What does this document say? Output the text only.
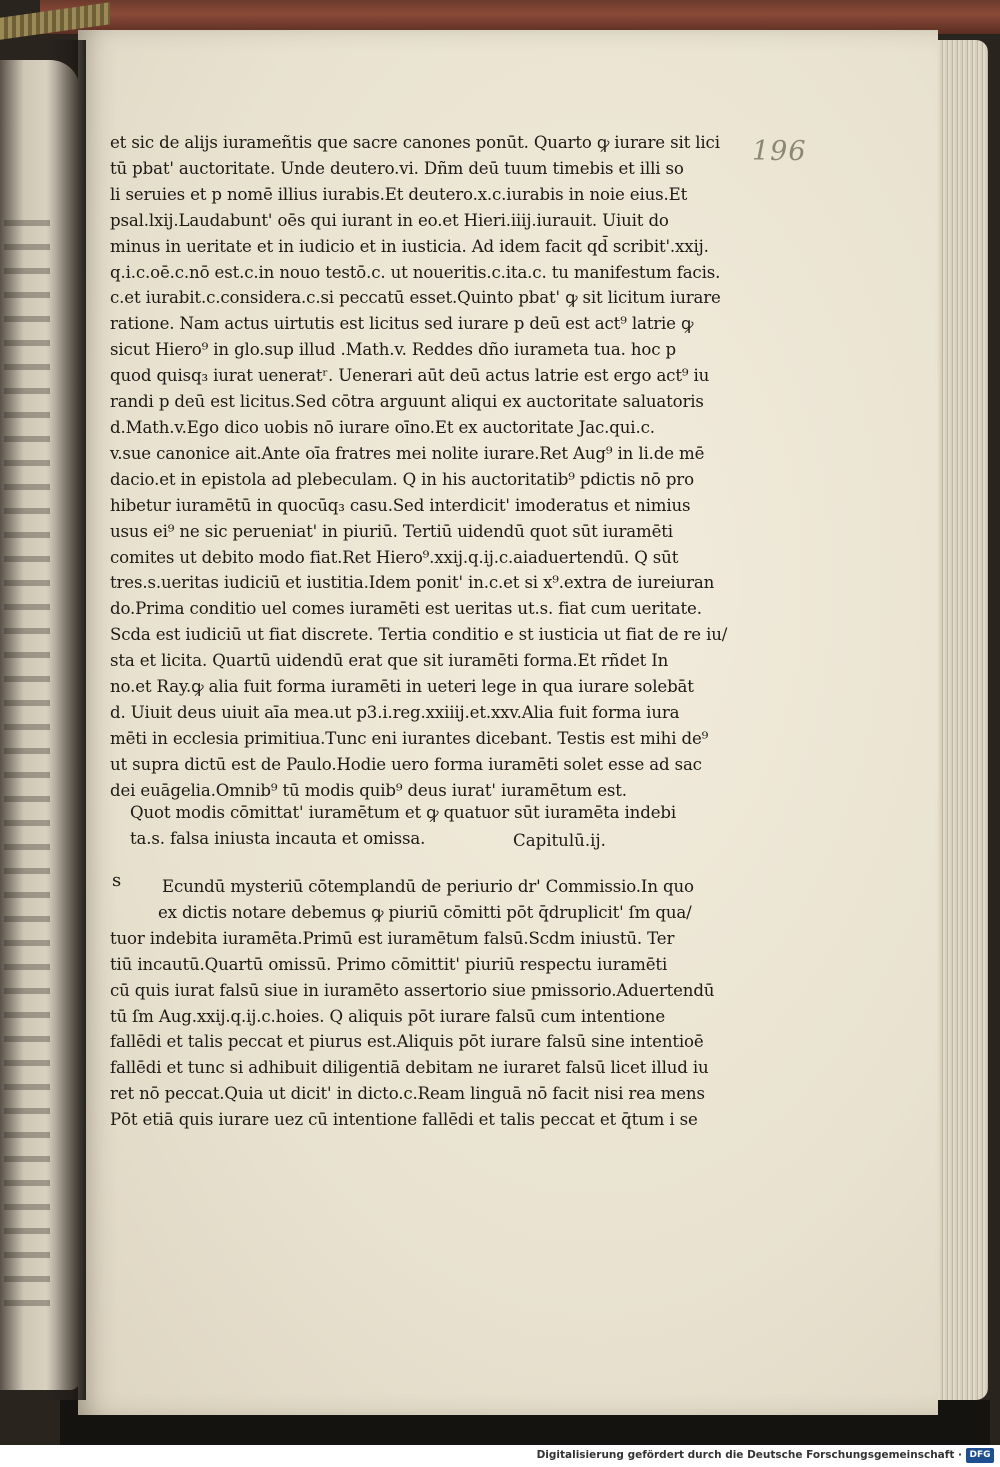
196
et sic de alijs iurameñtis que sacre canones ponūt. Quarto ꝙ iurare sit lici
tū pbat' auctoritate. Unde deutero.vi. Dñm deū tuum timebis et illi so
li seruies et p nomē illius iurabis.Et deutero.x.c.iurabis in noie eius.Et
psal.lxij.Laudabunt' oēs qui iurant in eo.et Hieri.iiij.iurauit. Uiuit do
minus in ueritate et in iudicio et in iusticia. Ad idem facit qd̄ scribit'.xxij.
q.i.c.oē.c.nō est.c.in nouo testō.c. ut noueritis.c.ita.c. tu manifestum facis.
c.et iurabit.c.considera.c.si peccatū esset.Quinto pbat' ꝙ sit licitum iurare
ratione. Nam actus uirtutis est licitus sed iurare p deū est act⁹ latrie ꝙ
sicut Hiero⁹ in glo.sup illud .Math.v. Reddes dño iurameta tua. hoc p
quod quisq₃ iurat ueneratʳ. Uenerari aūt deū actus latrie est ergo act⁹ iu
randi p deū est licitus.Sed cōtra arguunt aliqui ex auctoritate saluatoris
d.Math.v.Ego dico uobis nō iurare oīno.Et ex auctoritate Jac.qui.c.
v.sue canonice ait.Ante oīa fratres mei nolite iurare.Ret Aug⁹ in li.de mē
dacio.et in epistola ad plebeculam. Q in his auctoritatib⁹ pdictis nō pro
hibetur iuramētū in quocūq₃ casu.Sed interdicit' imoderatus et nimius
usus ei⁹ ne sic perueniat' in piuriū. Tertiū uidendū quot sūt iuramēti
comites ut debito modo fiat.Ret Hiero⁹.xxij.q.ij.c.aiaduertendū. Q sūt
tres.s.ueritas iudiciū et iustitia.Idem ponit' in.c.et si x⁹.extra de iureiuran
do.Prima conditio uel comes iuramēti est ueritas ut.s. fiat cum ueritate.
Scda est iudiciū ut fiat discrete. Tertia conditio e st iusticia ut fiat de re iu/
sta et licita. Quartū uidendū erat que sit iuramēti forma.Et rñdet In
no.et Ray.ꝙ alia fuit forma iuramēti in ueteri lege in qua iurare solebāt
d. Uiuit deus uiuit aīa mea.ut p3.i.reg.xxiiij.et.xxv.Alia fuit forma iura
mēti in ecclesia primitiua.Tunc eni iurantes dicebant. Testis est mihi de⁹
ut supra dictū est de Paulo.Hodie uero forma iuramēti solet esse ad sac
dei euāgelia.Omnib⁹ tū modis quib⁹ deus iurat' iuramētum est.
Quot modis cōmittat' iuramētum et ꝙ quatuor sūt iuramēta indebi
ta.s. falsa iniusta incauta et omissa.	Capitulū.ij.
s	Ecundū mysteriū cōtemplandū de periurio dr' Commissio.In quo
ex dictis notare debemus ꝙ piuriū cōmitti pōt q̄druplicit' ſm qua/
tuor indebita iuramēta.Primū est iuramētum falsū.Scdm iniustū. Ter
tiū incautū.Quartū omissū. Primo cōmittit' piuriū respectu iuramēti
cū quis iurat falsū siue in iuramēto assertorio siue pmissorio.Aduertendū
tū ſm Aug.xxij.q.ij.c.hoies. Q aliquis pōt iurare falsū cum intentione
fallēdi et talis peccat et piurus est.Aliquis pōt iurare falsū sine intentioē
fallēdi et tunc si adhibuit diligentiā debitam ne iuraret falsū licet illud iu
ret nō peccat.Quia ut dicit' in dicto.c.Ream linguā nō facit nisi rea mens
Pōt etiā quis iurare uez cū intentione fallēdi et talis peccat et q̄tum i se
Digitalisierung gefördert durch die Deutsche Forschungsgemeinschaft · DFG
